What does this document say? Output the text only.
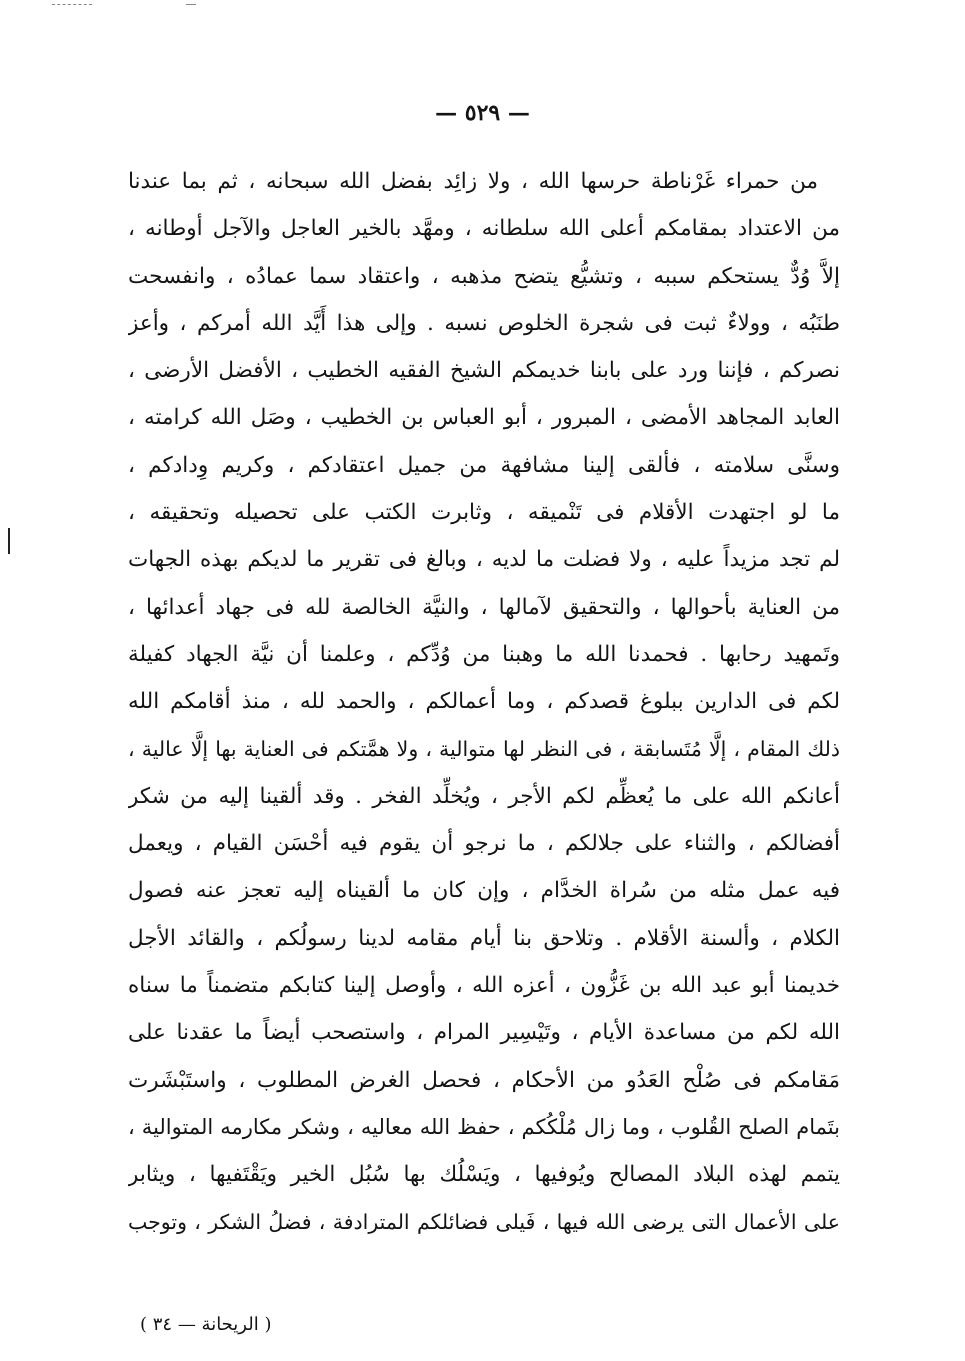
— ٥٢٩ —
من حمراء غَرْناطة حرسها الله ، ولا زائِد بفضل الله سبحانه ، ثم بما عندنا
من الاعتداد بمقامكم أعلى الله سلطانه ، ومهَّد بالخير العاجل والآجل أوطانه ،
إلاَّ وُدٌّ يستحكم سببه ، وتشيُّع يتضح مذهبه ، واعتقاد سما عمادُه ، وانفسحت
طنَبُه ، وولاءٌ ثبت فى شجرة الخلوص نسبه . وإلى هذا أَيَّد الله أمركم ، وأعز
نصركم ، فإننا ورد على بابنا خديمكم الشيخ الفقيه الخطيب ، الأفضل الأرضى ،
العابد المجاهد الأمضى ، المبرور ، أبو العباس بن الخطيب ، وصَل الله كرامته ،
وسنَّى سلامته ، فألقى إلينا مشافهة من جميل اعتقادكم ، وكريم وِدادكم ،
ما لو اجتهدت الأقلام فى تَنْميقه ، وثابرت الكتب على تحصيله وتحقيقه ،
لم تجد مزيداً عليه ، ولا فضلت ما لديه ، وبالغ فى تقرير ما لديكم بهذه الجهات
من العناية بأحوالها ، والتحقيق لآمالها ، والنيَّة الخالصة لله فى جهاد أعدائها ،
وتَمهيد رحابها . فحمدنا الله ما وهبنا من وُدِّكم ، وعلمنا أن نيَّة الجهاد كفيلة
لكم فى الدارين ببلوغ قصدكم ، وما أعمالكم ، والحمد لله ، منذ أقامكم الله
ذلك المقام ، إلَّا مُتَسابقة ، فى النظر لها متوالية ، ولا همَّتكم فى العناية بها إلَّا عالية ،
أعانكم الله على ما يُعظِّم لكم الأجر ، ويُخلِّد الفخر . وقد ألقينا إليه من شكر
أفضالكم ، والثناء على جلالكم ، ما نرجو أن يقوم فيه أحْسَن القيام ، ويعمل
فيه عمل مثله من سُراة الخدَّام ، وإن كان ما ألقيناه إليه تعجز عنه فصول
الكلام ، وألسنة الأقلام . وتلاحق بنا أيام مقامه لدينا رسولُكم ، والقائد الأجل
خديمنا أبو عبد الله بن غَزُّون ، أعزه الله ، وأوصل إلينا كتابكم متضمناً ما سناه
الله لكم من مساعدة الأيام ، وتَيْسِير المرام ، واستصحب أيضاً ما عقدنا على
مَقامكم فى صُلْح العَدُو من الأحكام ، فحصل الغرض المطلوب ، واستَبْشَرت
بتَمام الصلح القُلوب ، وما زال مُلْكُكم ، حفظ الله معاليه ، وشكر مكارمه المتوالية ،
يتمم لهذه البلاد المصالح ويُوفيها ، ويَسْلُك بها سُبُل الخير ويَقْتَفيها ، ويثابر
على الأعمال التى يرضى الله فيها ، فَيلى فضائلكم المترادفة ، فضلُ الشكر ، وتوجب
( الريحانة — ٣٤ )
